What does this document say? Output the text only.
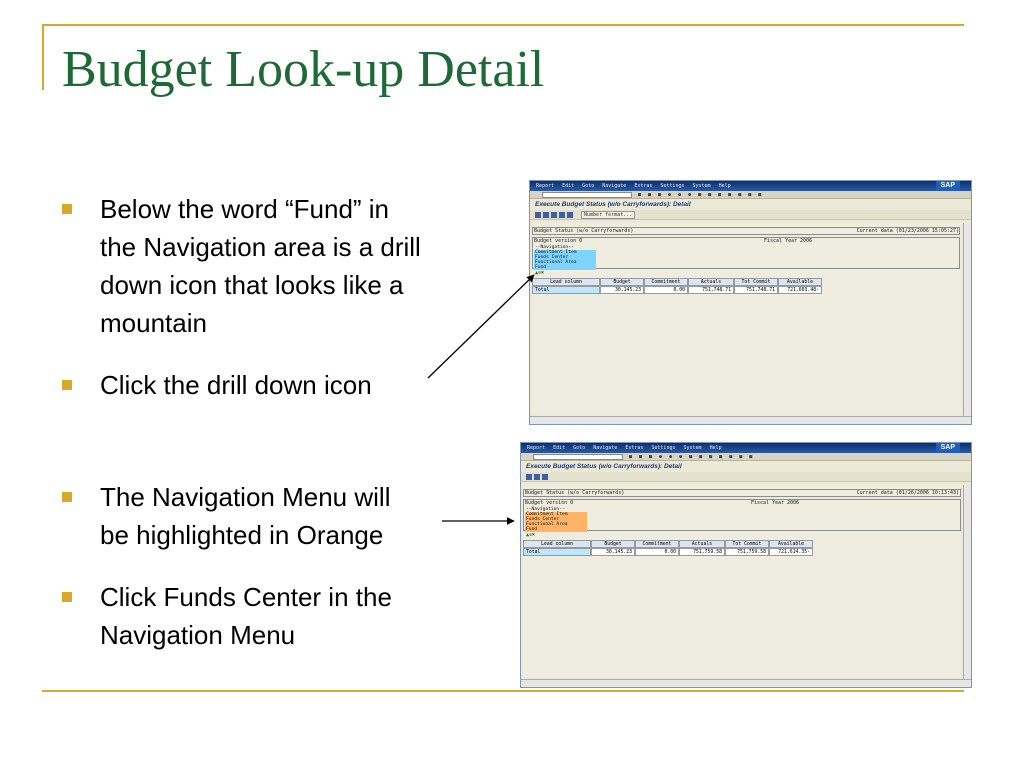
Budget Look-up Detail
Below the word “Fund” in
the Navigation area is a drill
down icon that looks like a
mountain
Click the drill down icon
The Navigation Menu will
be highlighted in Orange
Click Funds Center in the
Navigation Menu
Report Edit Goto Navigate Extras Settings System Help	SAP
■ ■ ■ ● ● ● ■ ■ ■ ■ ■ ■ ■
Execute Budget Status (w/o Carryforwards): Detail
Number format...
Budget Status (w/o Carryforwards)	Current data (01/23/2006 15:05:27)
Budget version 0	Fiscal Year 2006
--Navigation--
Commitment Item
Funds Center
Functional Area
Fund
▲⊙✖
Lead column	Budget	Commitment	Actuals	Tot Commit	Available
Total	30,145.23	0.00	751,748.71	751,748.71	721,603.48-
Report Edit Goto Navigate Extras Settings System Help	SAP
■ ■ ■ ● ● ● ■ ■ ■ ■ ■ ■ ■
Execute Budget Status (w/o Carryforwards): Detail
Budget Status (w/o Carryforwards)	Current data (01/26/2006 10:13:43)
Budget version 0	Fiscal Year 2006
--Navigation--
Commitment Item
Funds Center
Functional Area
Fund
▲⊙✖
Lead column	Budget	Commitment	Actuals	Tot Commit	Available
Total	30,145.23	0.00	751,759.58	751,759.58	721,614.35-
